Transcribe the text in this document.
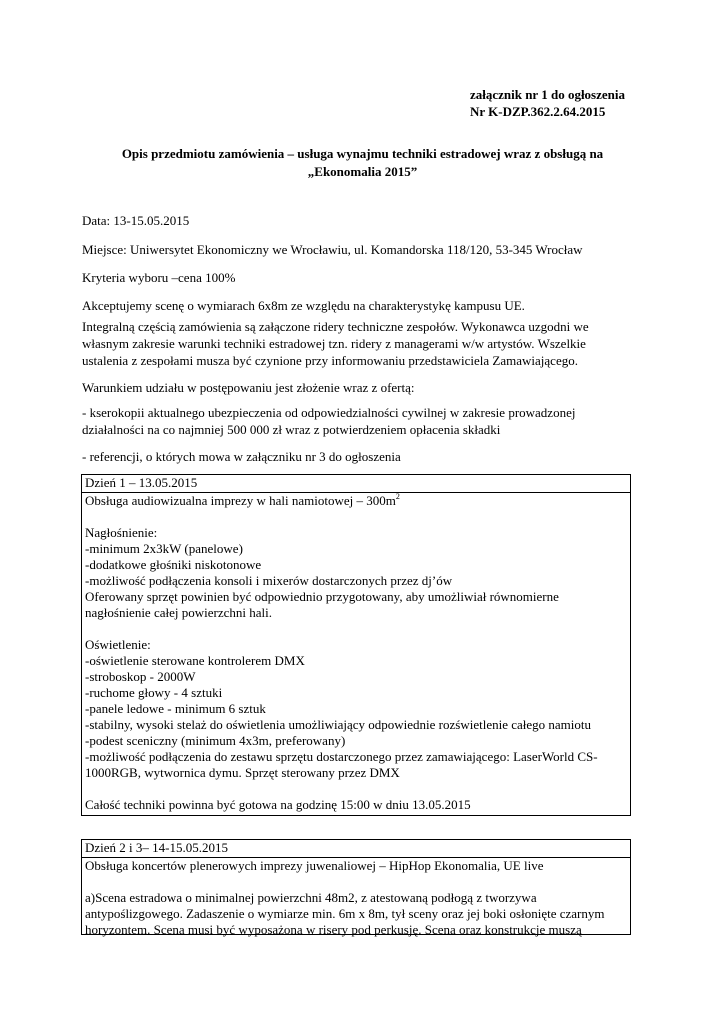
załącznik nr 1 do ogłoszenia
Nr K-DZP.362.2.64.2015
Opis przedmiotu zamówienia – usługa wynajmu techniki estradowej wraz z obsługą na
„Ekonomalia 2015”

Data: 13-15.05.2015

Miejsce: Uniwersytet Ekonomiczny we Wrocławiu, ul. Komandorska 118/120, 53-345 Wrocław

Kryteria wyboru –cena 100%

Akceptujemy scenę o wymiarach 6x8m ze względu na charakterystykę kampusu UE.

Integralną częścią zamówienia są załączone ridery techniczne zespołów. Wykonawca uzgodni we
własnym zakresie warunki techniki estradowej tzn. ridery z managerami w/w artystów. Wszelkie
ustalenia z zespołami musza być czynione przy informowaniu przedstawiciela Zamawiającego.

Warunkiem udziału w postępowaniu jest złożenie wraz z ofertą:

- kserokopii aktualnego ubezpieczenia od odpowiedzialności cywilnej w zakresie prowadzonej
działalności na co najmniej 500 000 zł wraz z potwierdzeniem opłacenia składki

- referencji, o których mowa w załączniku nr 3 do ogłoszenia

Dzień 1 – 13.05.2015
Obsługa audiowizualna imprezy w hali namiotowej – $300m^2$
Nagłośnienie:
-minimum 2x3kW (panelowe)
-dodatkowe głośniki niskotonowe
-możliwość podłączenia konsoli i mixerów dostarczonych przez dj’ów
Oferowany sprzęt powinien być odpowiednio przygotowany, aby umożliwiał równomierne
nagłośnienie całej powierzchni hali.
Oświetlenie:
-oświetlenie sterowane kontrolerem DMX
-stroboskop - 2000W
-ruchome głowy - 4 sztuki
-panele ledowe - minimum 6 sztuk
-stabilny, wysoki stelaż do oświetlenia umożliwiający odpowiednie rozświetlenie całego namiotu
-podest sceniczny (minimum 4x3m, preferowany)
-możliwość podłączenia do zestawu sprzętu dostarczonego przez zamawiającego: LaserWorld CS-
1000RGB, wytwornica dymu. Sprzęt sterowany przez DMX
Całość techniki powinna być gotowa na godzinę 15:00 w dniu 13.05.2015
Dzień 2 i 3– 14-15.05.2015
Obsługa koncertów plenerowych imprezy juwenaliowej – HipHop Ekonomalia, UE live
a)Scena estradowa o minimalnej powierzchni 48m2, z atestowaną podłogą z tworzywa
antypoślizgowego. Zadaszenie o wymiarze min. 6m x 8m, tył sceny oraz jej boki osłonięte czarnym
horyzontem. Scena musi być wyposażona w risery pod perkusję. Scena oraz konstrukcje muszą
